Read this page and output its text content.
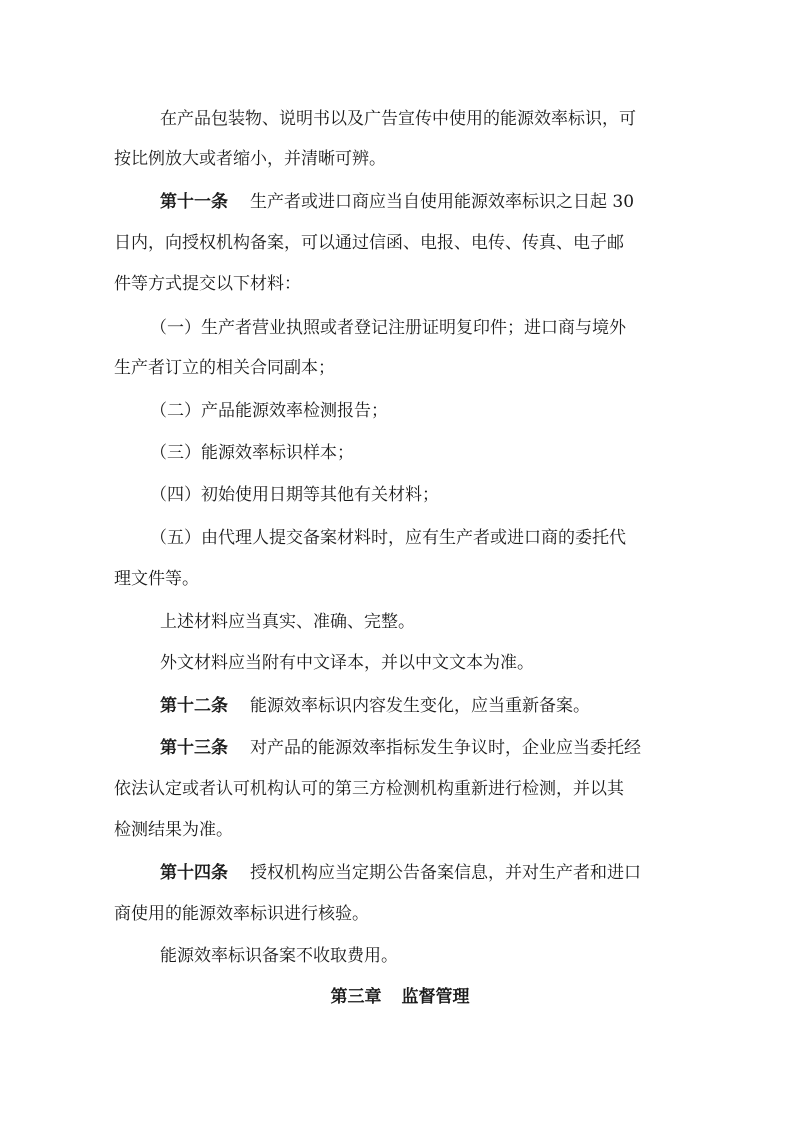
在产品包装物、说明书以及广告宣传中使用的能源效率标识，可
按比例放大或者缩小，并清晰可辨。
第十一条 生产者或进口商应当自使用能源效率标识之日起 30
日内，向授权机构备案，可以通过信函、电报、电传、传真、电子邮
件等方式提交以下材料：
（一）生产者营业执照或者登记注册证明复印件；进口商与境外
生产者订立的相关合同副本；
（二）产品能源效率检测报告；
（三）能源效率标识样本；
（四）初始使用日期等其他有关材料；
（五）由代理人提交备案材料时，应有生产者或进口商的委托代
理文件等。
上述材料应当真实、准确、完整。
外文材料应当附有中文译本，并以中文文本为准。
第十二条 能源效率标识内容发生变化，应当重新备案。
第十三条 对产品的能源效率指标发生争议时，企业应当委托经
依法认定或者认可机构认可的第三方检测机构重新进行检测，并以其
检测结果为准。
第十四条 授权机构应当定期公告备案信息，并对生产者和进口
商使用的能源效率标识进行核验。
能源效率标识备案不收取费用。
第三章 监督管理
